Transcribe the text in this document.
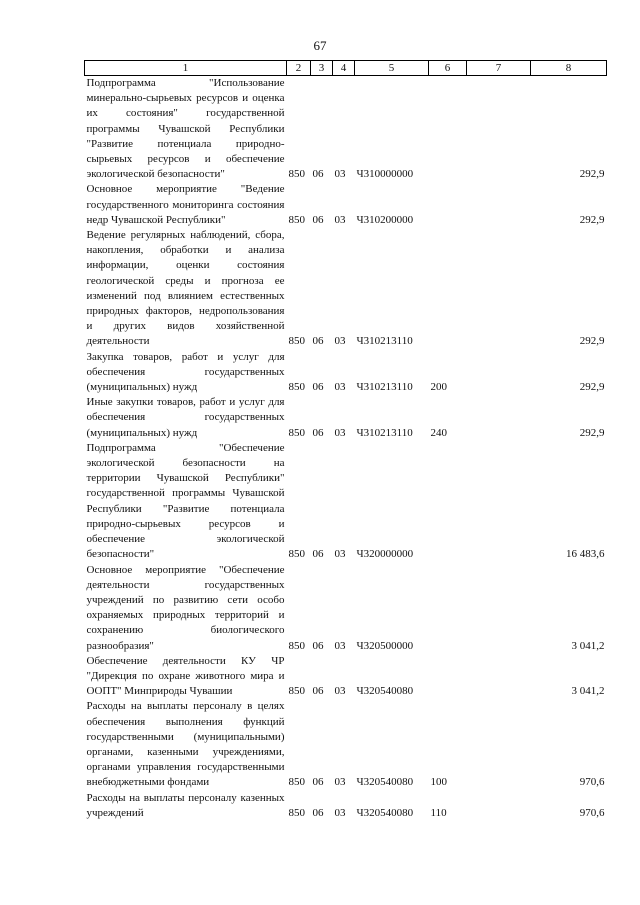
67
1	2	3	4	5	6	7	8
Подпрограмма "Использование минерально-сырьевых ресурсов и оценка их состояния" государственной программы Чувашской Республики "Развитие потенциала природно-сырьевых ресурсов и обеспечение экологической безопасности"	850	06	03	Ч310000000			292,9
Основное мероприятие "Ведение государственного мониторинга состояния недр Чувашской Республики"	850	06	03	Ч310200000			292,9
Ведение регулярных наблюдений, сбора, накопления, обработки и анализа информации, оценки состояния геологической среды и прогноза ее изменений под влиянием естественных природных факторов, недропользования и других видов хозяйственной деятельности	850	06	03	Ч310213110			292,9
Закупка товаров, работ и услуг для обеспечения государственных (муниципальных) нужд	850	06	03	Ч310213110	200		292,9
Иные закупки товаров, работ и услуг для обеспечения государственных (муниципальных) нужд	850	06	03	Ч310213110	240		292,9
Подпрограмма "Обеспечение экологической безопасности на территории Чувашской Республики" государственной программы Чувашской Республики "Развитие потенциала природно-сырьевых ресурсов и обеспечение экологической безопасности"	850	06	03	Ч320000000			16 483,6
Основное мероприятие "Обеспечение деятельности государственных учреждений по развитию сети особо охраняемых природных территорий и сохранению биологического разнообразия"	850	06	03	Ч320500000			3 041,2
Обеспечение деятельности КУ ЧР "Дирекция по охране животного мира и ООПТ" Минприроды Чувашии	850	06	03	Ч320540080			3 041,2
Расходы на выплаты персоналу в целях обеспечения выполнения функций государственными (муниципальными) органами, казенными учреждениями, органами управления государственными внебюджетными фондами	850	06	03	Ч320540080	100		970,6
Расходы на выплаты персоналу казенных учреждений	850	06	03	Ч320540080	110		970,6
